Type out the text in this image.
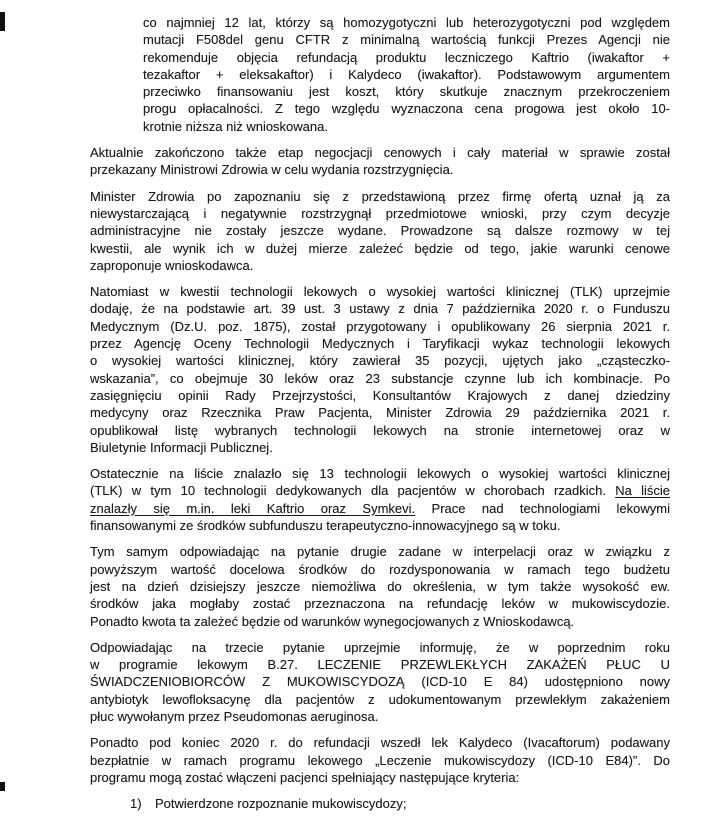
co najmniej 12 lat, którzy są homozygotyczni lub heterozygotyczni pod względem
mutacji F508del genu CFTR z minimalną wartością funkcji Prezes Agencji nie
rekomenduje objęcia refundacją produktu leczniczego Kaftrio (iwakaftor +
tezakaftor + eleksakaftor) i Kalydeco (iwakaftor). Podstawowym argumentem
przeciwko finansowaniu jest koszt, który skutkuje znacznym przekroczeniem
progu opłacalności. Z tego względu wyznaczona cena progowa jest około 10-
krotnie niższa niż wnioskowana.
Aktualnie zakończono także etap negocjacji cenowych i cały materiał w sprawie został
przekazany Ministrowi Zdrowia w celu wydania rozstrzygnięcia.
Minister Zdrowia po zapoznaniu się z przedstawioną przez firmę ofertą uznał ją za
niewystarczającą i negatywnie rozstrzygnął przedmiotowe wnioski, przy czym decyzje
administracyjne nie zostały jeszcze wydane. Prowadzone są dalsze rozmowy w tej
kwestii, ale wynik ich w dużej mierze zależeć będzie od tego, jakie warunki cenowe
zaproponuje wnioskodawca.
Natomiast w kwestii technologii lekowych o wysokiej wartości klinicznej (TLK) uprzejmie
dodaję, że na podstawie art. 39 ust. 3 ustawy z dnia 7 października 2020 r. o Funduszu
Medycznym (Dz.U. poz. 1875), został przygotowany i opublikowany 26 sierpnia 2021 r.
przez Agencję Oceny Technologii Medycznych i Taryfikacji wykaz technologii lekowych
o wysokiej wartości klinicznej, który zawierał 35 pozycji, ujętych jako „cząsteczko-
wskazania”, co obejmuje 30 leków oraz 23 substancje czynne lub ich kombinacje. Po
zasięgnięciu opinii Rady Przejrzystości, Konsultantów Krajowych z danej dziedziny
medycyny oraz Rzecznika Praw Pacjenta, Minister Zdrowia 29 października 2021 r.
opublikował listę wybranych technologii lekowych na stronie internetowej oraz w
Biuletynie Informacji Publicznej.
Ostatecznie na liście znalazło się 13 technologii lekowych o wysokiej wartości klinicznej
(TLK) w tym 10 technologii dedykowanych dla pacjentów w chorobach rzadkich. Na liście
znalazły się m.in. leki Kaftrio oraz Symkevi. Prace nad technologiami lekowymi
finansowanymi ze środków subfunduszu terapeutyczno-innowacyjnego są w toku.
Tym samym odpowiadając na pytanie drugie zadane w interpelacji oraz w związku z
powyższym wartość docelowa środków do rozdysponowania w ramach tego budżetu
jest na dzień dzisiejszy jeszcze niemożliwa do określenia, w tym także wysokość ew.
środków jaka mogłaby zostać przeznaczona na refundację leków w mukowiscydozie.
Ponadto kwota ta zależeć będzie od warunków wynegocjowanych z Wnioskodawcą.
Odpowiadając na trzecie pytanie uprzejmie informuję, że w poprzednim roku
w programie lekowym B.27. LECZENIE PRZEWLEKŁYCH ZAKAŻEŃ PŁUC U
ŚWIADCZENIOBIORCÓW Z MUKOWISCYDOZĄ (ICD-10 E 84) udostępniono nowy
antybiotyk lewofloksacynę dla pacjentów z udokumentowanym przewlekłym zakażeniem
płuc wywołanym przez Pseudomonas aeruginosa.
Ponadto pod koniec 2020 r. do refundacji wszedł lek Kalydeco (Ivacaftorum) podawany
bezpłatnie w ramach programu lekowego „Leczenie mukowiscydozy (ICD-10 E84)”. Do
programu mogą zostać włączeni pacjenci spełniający następujące kryteria:
1) Potwierdzone rozpoznanie mukowiscydozy;
